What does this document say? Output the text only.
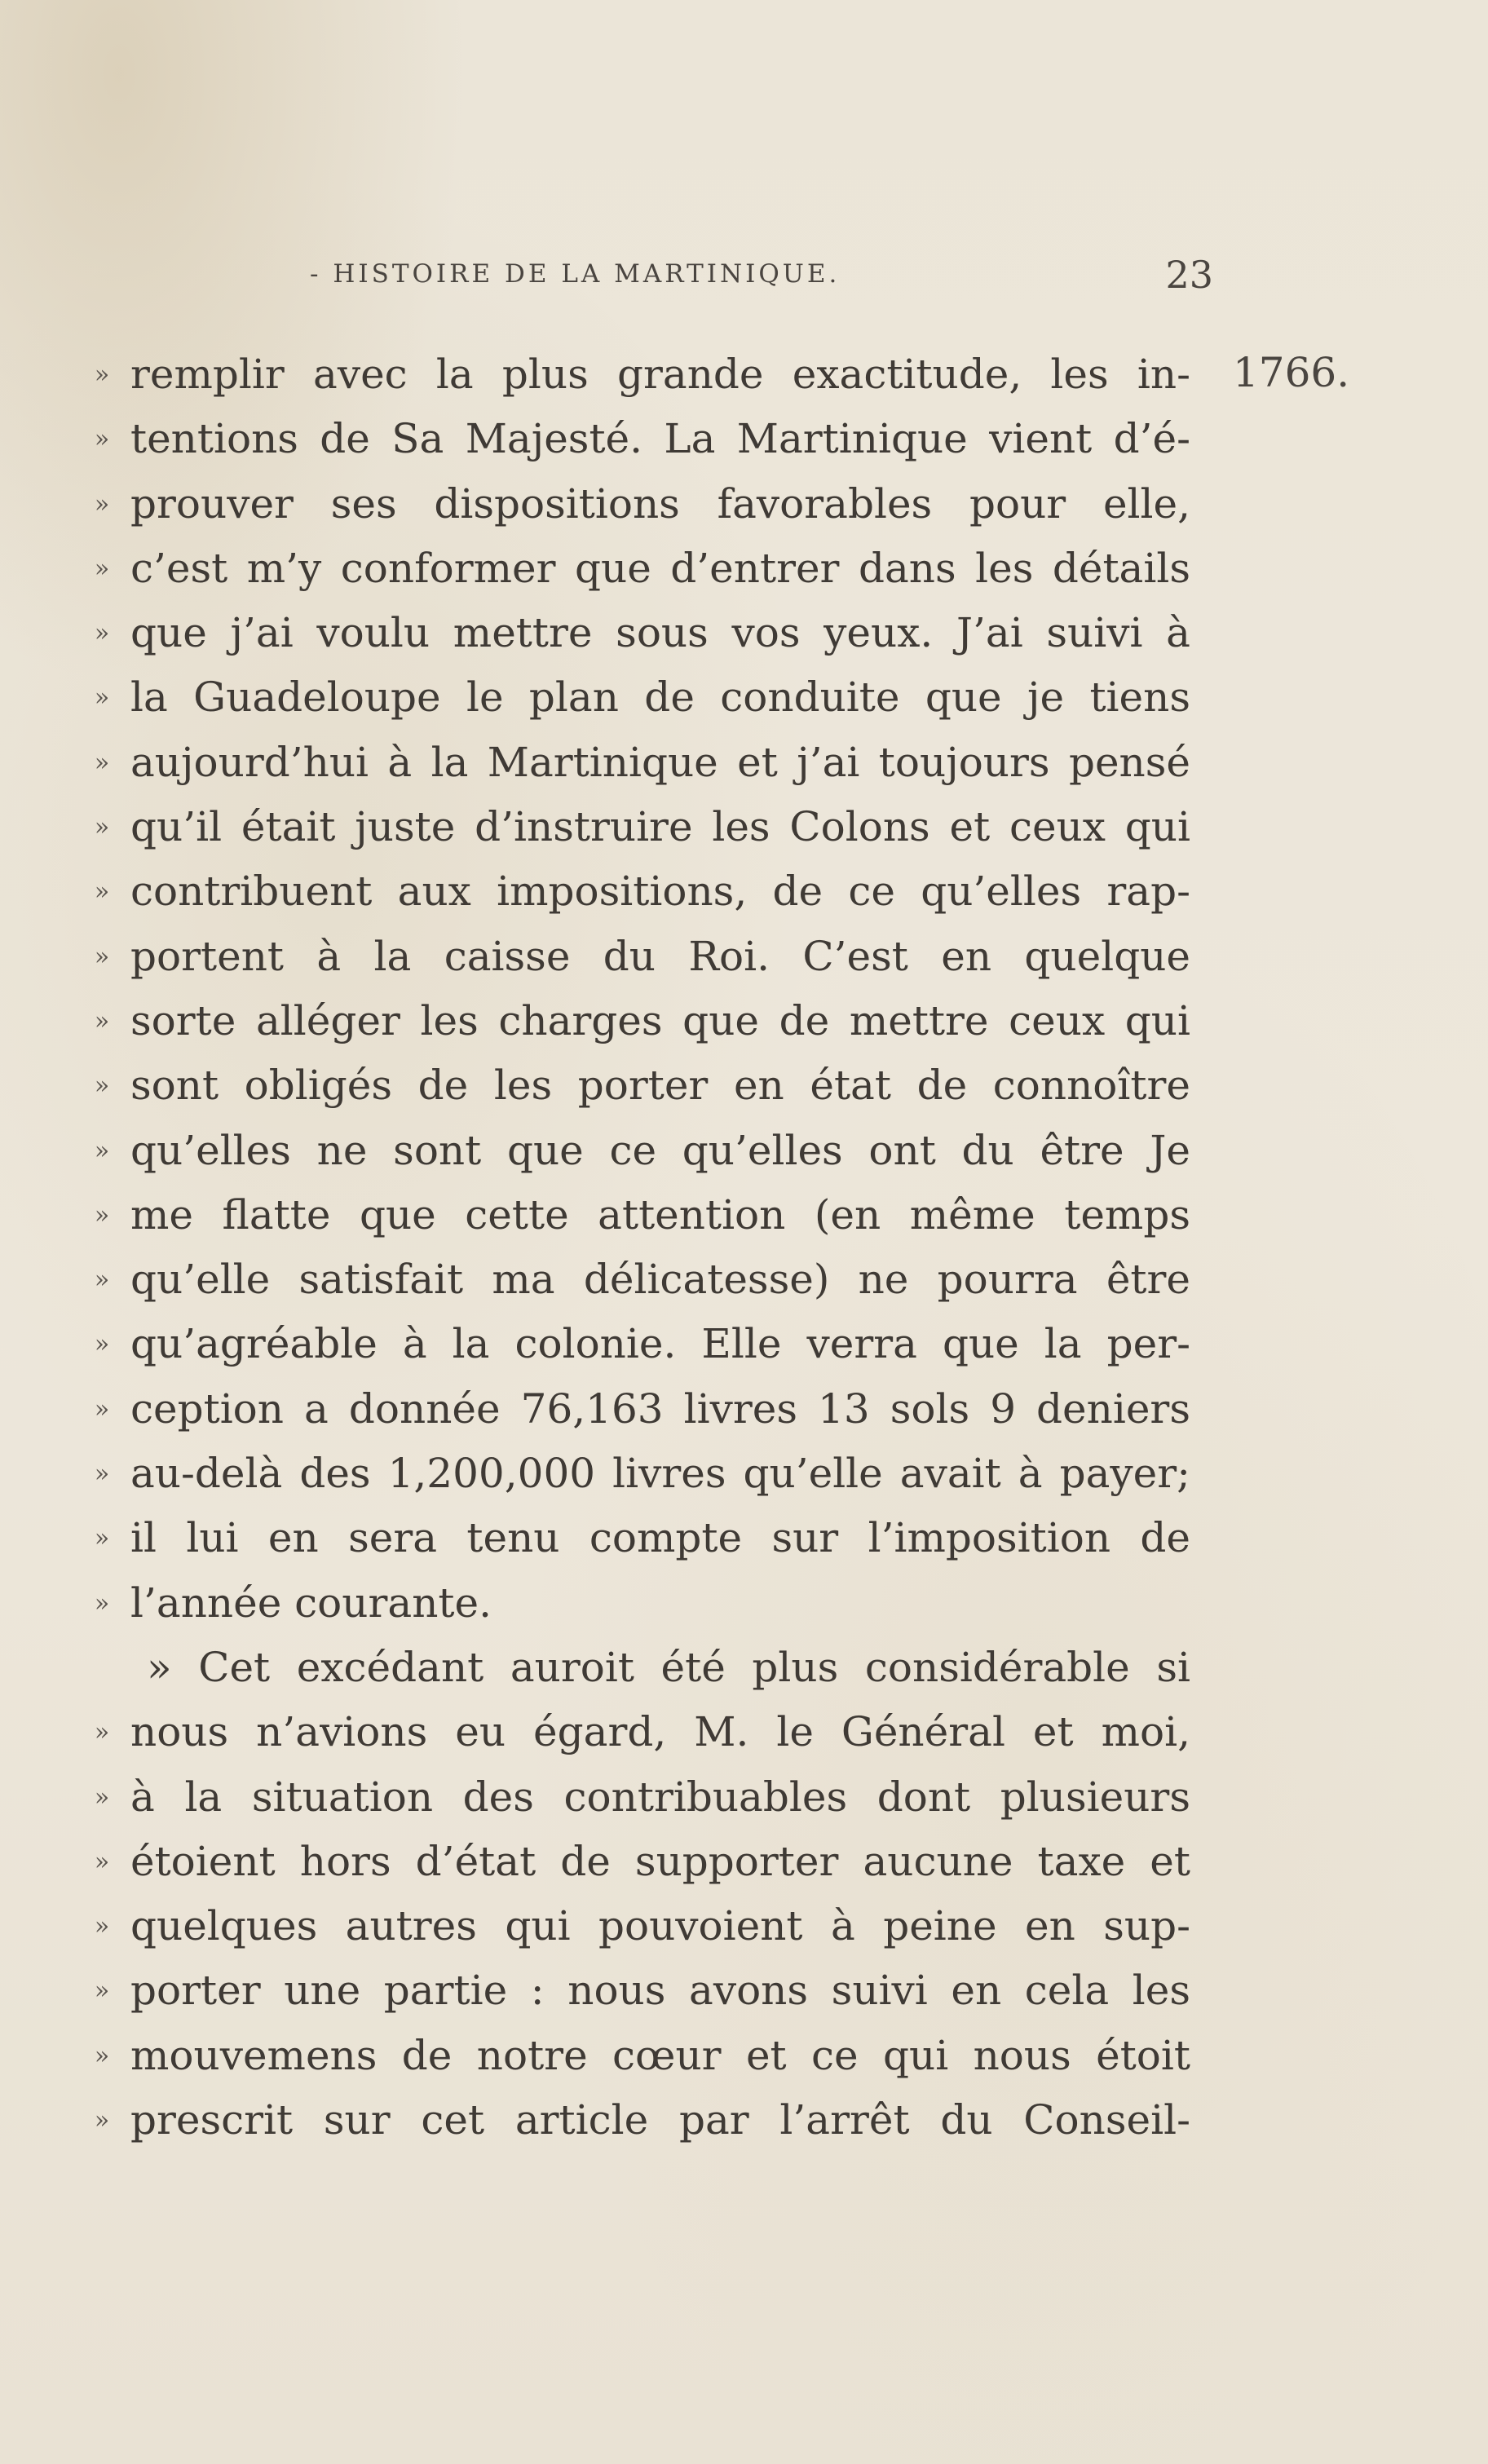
- HISTOIRE DE LA MARTINIQUE.	23
1766.
» remplir avec la plus grande exactitude, les in-
» tentions de Sa Majesté. La Martinique vient d’é-
» prouver ses dispositions favorables pour elle,
» c’est m’y conformer que d’entrer dans les détails
» que j’ai voulu mettre sous vos yeux. J’ai suivi à
» la Guadeloupe le plan de conduite que je tiens
» aujourd’hui à la Martinique et j’ai toujours pensé
» qu’il était juste d’instruire les Colons et ceux qui
» contribuent aux impositions, de ce qu’elles rap-
» portent à la caisse du Roi. C’est en quelque
» sorte alléger les charges que de mettre ceux qui
» sont obligés de les porter en état de connoître
» qu’elles ne sont que ce qu’elles ont du être Je
» me flatte que cette attention (en même temps
» qu’elle satisfait ma délicatesse) ne pourra être
» qu’agréable à la colonie. Elle verra que la per-
» ception a donnée 76,163 livres 13 sols 9 deniers
» au-delà des 1,200,000 livres qu’elle avait à payer;
» il lui en sera tenu compte sur l’imposition de
» l’année courante.
» Cet excédant auroit été plus considérable si
» nous n’avions eu égard, M. le Général et moi,
» à la situation des contribuables dont plusieurs
» étoient hors d’état de supporter aucune taxe et
» quelques autres qui pouvoient à peine en sup-
» porter une partie : nous avons suivi en cela les
» mouvemens de notre cœur et ce qui nous étoit
» prescrit sur cet article par l’arrêt du Conseil-
